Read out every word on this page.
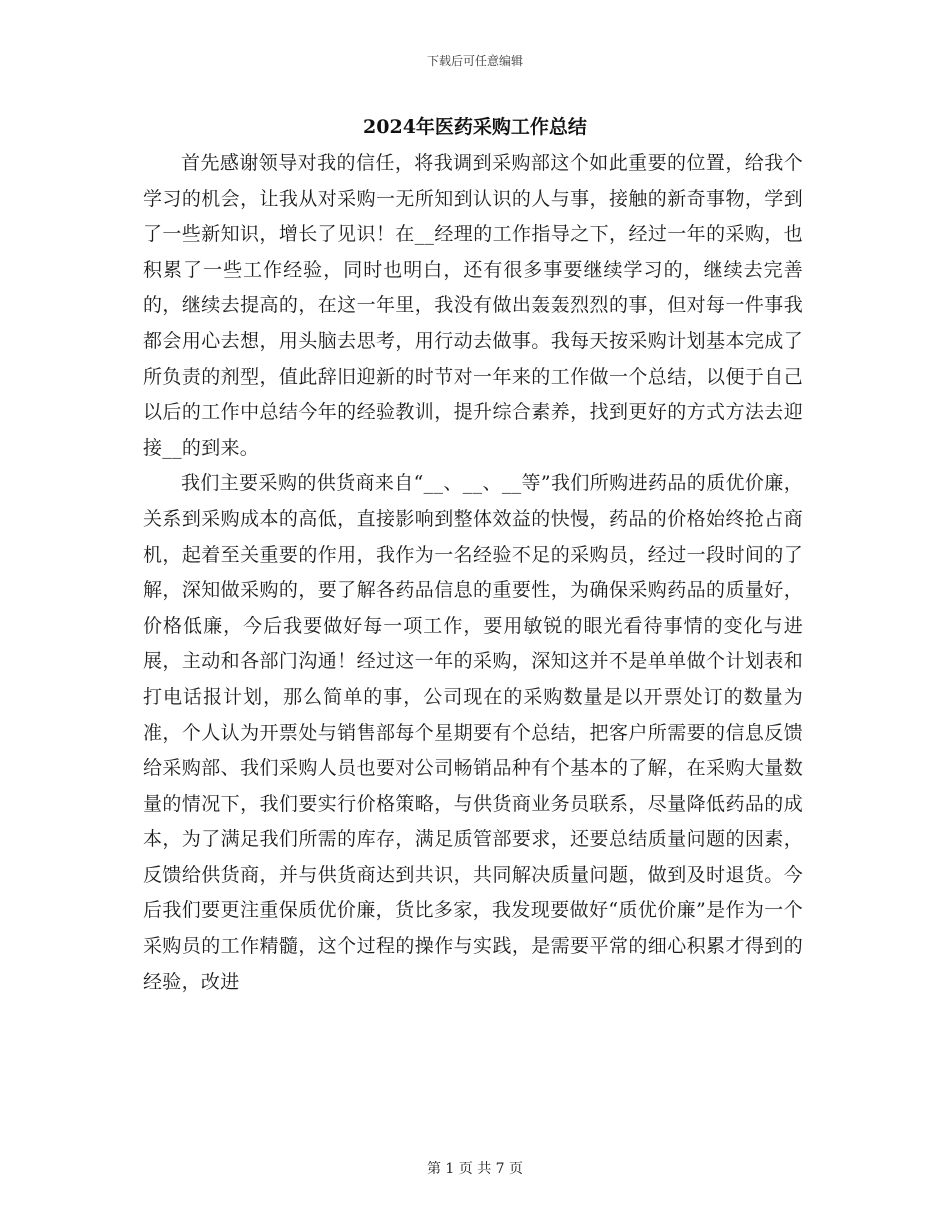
下载后可任意编辑
2024年医药采购工作总结

首先感谢领导对我的信任，将我调到采购部这个如此重要的位置，给我个学习的机会，让我从对采购一无所知到认识的人与事，接触的新奇事物，学到了一些新知识，增长了见识！在__经理的工作指导之下，经过一年的采购，也积累了一些工作经验，同时也明白，还有很多事要继续学习的，继续去完善的，继续去提高的，在这一年里，我没有做出轰轰烈烈的事，但对每一件事我都会用心去想，用头脑去思考，用行动去做事。我每天按采购计划基本完成了所负责的剂型，值此辞旧迎新的时节对一年来的工作做一个总结，以便于自己以后的工作中总结今年的经验教训，提升综合素养，找到更好的方式方法去迎接__的到来。

我们主要采购的供货商来自“__、__、__等”我们所购进药品的质优价廉，关系到采购成本的高低，直接影响到整体效益的快慢，药品的价格始终抢占商机，起着至关重要的作用，我作为一名经验不足的采购员，经过一段时间的了解，深知做采购的，要了解各药品信息的重要性，为确保采购药品的质量好，价格低廉，今后我要做好每一项工作，要用敏锐的眼光看待事情的变化与进展，主动和各部门沟通！经过这一年的采购，深知这并不是单单做个计划表和打电话报计划，那么简单的事，公司现在的采购数量是以开票处订的数量为准，个人认为开票处与销售部每个星期要有个总结，把客户所需要的信息反馈给采购部、我们采购人员也要对公司畅销品种有个基本的了解，在采购大量数量的情况下，我们要实行价格策略，与供货商业务员联系，尽量降低药品的成本，为了满足我们所需的库存，满足质管部要求，还要总结质量问题的因素，反馈给供货商，并与供货商达到共识，共同解决质量问题，做到及时退货。今后我们要更注重保质优价廉，货比多家，我发现要做好“质优价廉”是作为一个采购员的工作精髓，这个过程的操作与实践，是需要平常的细心积累才得到的经验，改进

第 1 页 共 7 页
